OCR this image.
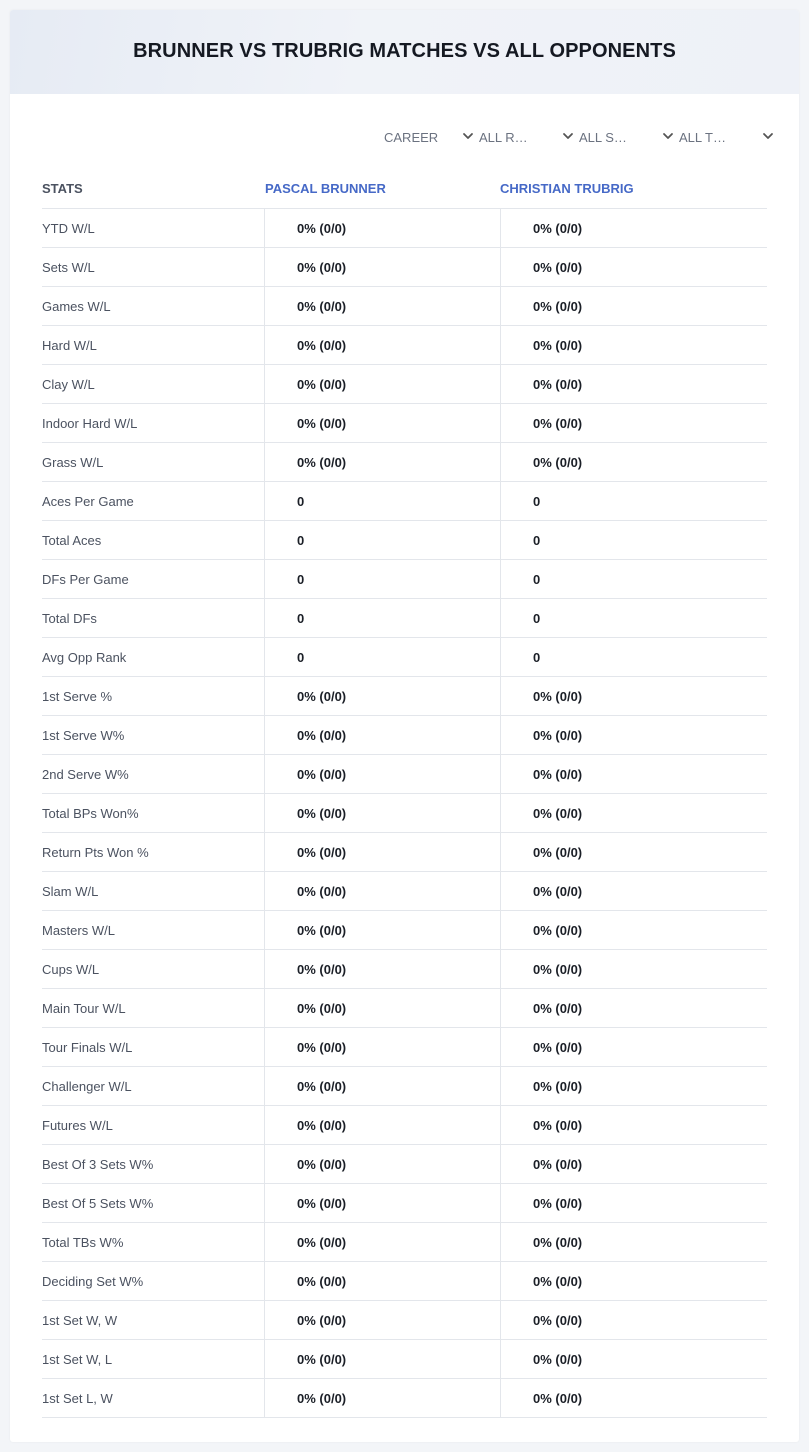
BRUNNER VS TRUBRIG MATCHES VS ALL OPPONENTS
CAREER	ALL R…	ALL S…	ALL T…
STATS	PASCAL BRUNNER	CHRISTIAN TRUBRIG
YTD W/L	0% (0/0)	0% (0/0)
Sets W/L	0% (0/0)	0% (0/0)
Games W/L	0% (0/0)	0% (0/0)
Hard W/L	0% (0/0)	0% (0/0)
Clay W/L	0% (0/0)	0% (0/0)
Indoor Hard W/L	0% (0/0)	0% (0/0)
Grass W/L	0% (0/0)	0% (0/0)
Aces Per Game	0	0
Total Aces	0	0
DFs Per Game	0	0
Total DFs	0	0
Avg Opp Rank	0	0
1st Serve %	0% (0/0)	0% (0/0)
1st Serve W%	0% (0/0)	0% (0/0)
2nd Serve W%	0% (0/0)	0% (0/0)
Total BPs Won%	0% (0/0)	0% (0/0)
Return Pts Won %	0% (0/0)	0% (0/0)
Slam W/L	0% (0/0)	0% (0/0)
Masters W/L	0% (0/0)	0% (0/0)
Cups W/L	0% (0/0)	0% (0/0)
Main Tour W/L	0% (0/0)	0% (0/0)
Tour Finals W/L	0% (0/0)	0% (0/0)
Challenger W/L	0% (0/0)	0% (0/0)
Futures W/L	0% (0/0)	0% (0/0)
Best Of 3 Sets W%	0% (0/0)	0% (0/0)
Best Of 5 Sets W%	0% (0/0)	0% (0/0)
Total TBs W%	0% (0/0)	0% (0/0)
Deciding Set W%	0% (0/0)	0% (0/0)
1st Set W, W	0% (0/0)	0% (0/0)
1st Set W, L	0% (0/0)	0% (0/0)
1st Set L, W	0% (0/0)	0% (0/0)
